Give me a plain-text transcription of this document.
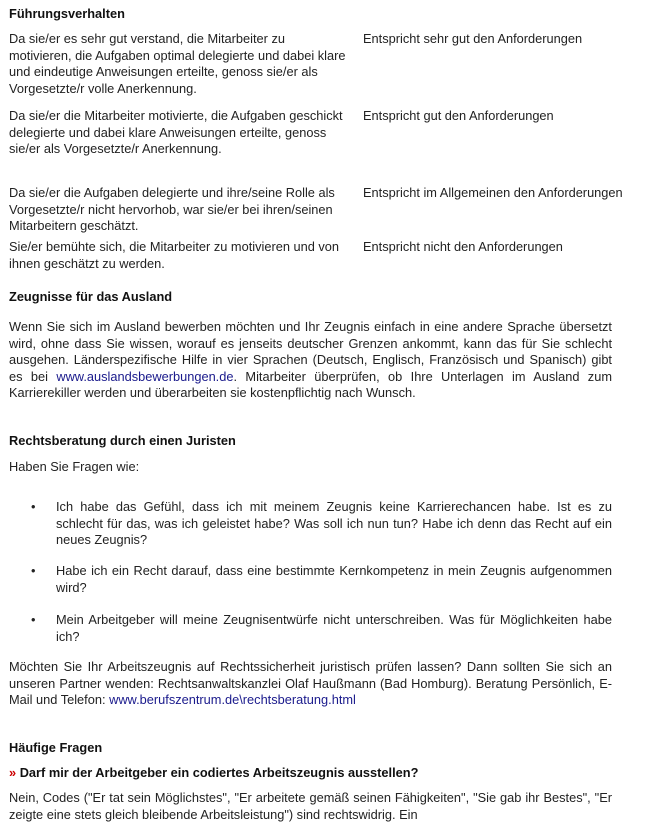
Führungsverhalten
Da sie/er es sehr gut verstand, die Mitarbeiter zu motivieren, die Aufgaben optimal delegierte und dabei klare und eindeutige Anweisungen erteilte, genoss sie/er als Vorgesetzte/r volle Anerkennung.
Entspricht sehr gut den Anforderungen
Da sie/er die Mitarbeiter motivierte, die Aufgaben geschickt delegierte und dabei klare Anweisungen erteilte, genoss sie/er als Vorgesetzte/r Anerkennung.
Entspricht gut den Anforderungen
Da sie/er die Aufgaben delegierte und ihre/seine Rolle als Vorgesetzte/r nicht hervorhob, war sie/er bei ihren/seinen Mitarbeitern geschätzt.
Entspricht im Allgemeinen den Anforderungen
Sie/er bemühte sich, die Mitarbeiter zu motivieren und von ihnen geschätzt zu werden.
Entspricht nicht den Anforderungen
Zeugnisse für das Ausland
Wenn Sie sich im Ausland bewerben möchten und Ihr Zeugnis einfach in eine andere Sprache übersetzt wird, ohne dass Sie wissen, worauf es jenseits deutscher Grenzen ankommt, kann das für Sie schlecht ausgehen. Länderspezifische Hilfe in vier Sprachen (Deutsch, Englisch, Französisch und Spanisch) gibt es bei www.auslandsbewerbungen.de. Mitarbeiter überprüfen, ob Ihre Unterlagen im Ausland zum Karrierekiller werden und überarbeiten sie kostenpflichtig nach Wunsch.
Rechtsberatung durch einen Juristen
Haben Sie Fragen wie:
•	Ich habe das Gefühl, dass ich mit meinem Zeugnis keine Karrierechancen habe. Ist es zu schlecht für das, was ich geleistet habe? Was soll ich nun tun? Habe ich denn das Recht auf ein neues Zeugnis?
•	Habe ich ein Recht darauf, dass eine bestimmte Kernkompetenz in mein Zeugnis aufgenommen wird?
•	Mein Arbeitgeber will meine Zeugnisentwürfe nicht unterschreiben. Was für Möglichkeiten habe ich?
Möchten Sie Ihr Arbeitszeugnis auf Rechtssicherheit juristisch prüfen lassen? Dann sollten Sie sich an unseren Partner wenden: Rechtsanwaltskanzlei Olaf Haußmann (Bad Homburg). Beratung Persönlich, E-Mail und Telefon: www.berufszentrum.de\rechtsberatung.html
Häufige Fragen
» Darf mir der Arbeitgeber ein codiertes Arbeitszeugnis ausstellen?
Nein, Codes ("Er tat sein Möglichstes", "Er arbeitete gemäß seinen Fähigkeiten", "Sie gab ihr Bestes", "Er zeigte eine stets gleich bleibende Arbeitsleistung") sind rechtswidrig. Ein
